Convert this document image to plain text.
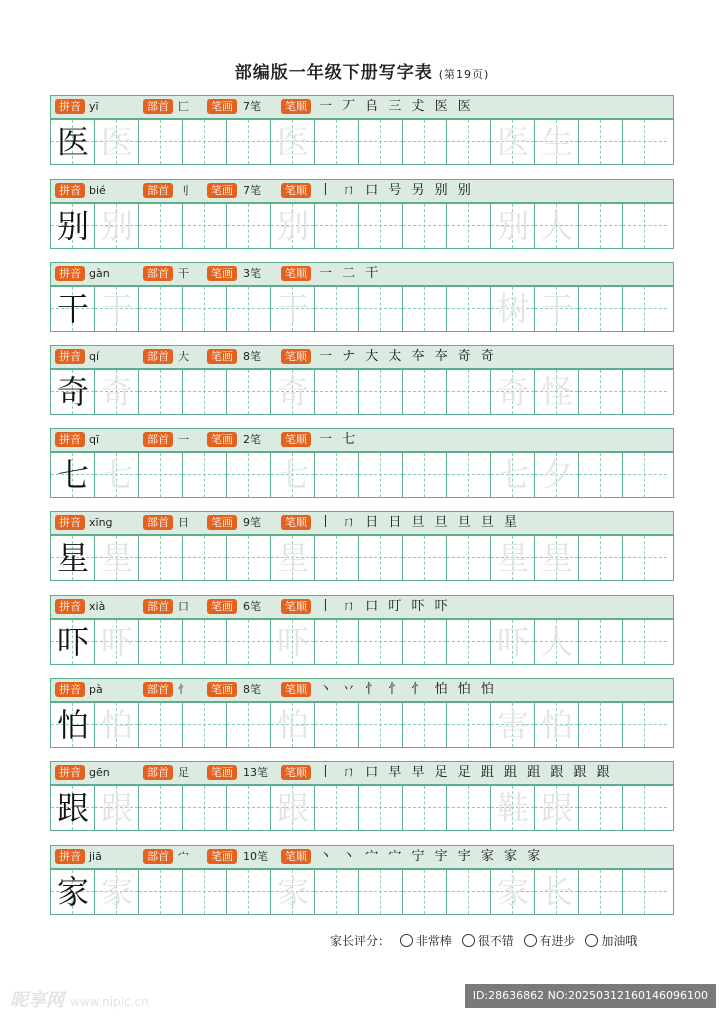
部编版一年级下册写字表 (第19页)
拼音 yī	部首 匚	笔画 7笔	笔顺 一 丆 𠂤 三 𠀋 医 医
医 医	医	医 生
拼音 bié	部首 刂	笔画 7笔	笔顺 丨 ㄇ 口 号 另 别 别
别 别	别	别 人
拼音 gàn	部首 干	笔画 3笔	笔顺 一 二 干
干 干	干	树 干
拼音 qí	部首 大	笔画 8笔	笔顺 一 ナ 大 太 夲 夲 奇 奇
奇 奇	奇	奇 怪
拼音 qī	部首 一	笔画 2笔	笔顺 一 七
七 七	七	七 夕
拼音 xīng	部首 日	笔画 9笔	笔顺 丨 ㄇ 日 日 旦 旦 旦 旦 星
星 星	星	星 星
拼音 xià	部首 口	笔画 6笔	笔顺 丨 ㄇ 口 叮 吓 吓
吓 吓	吓	吓 人
拼音 pà	部首 忄	笔画 8笔	笔顺 丶 丷 忄 忄 忄 怕 怕 怕
怕 怕	怕	害 怕
拼音 gēn	部首 足	笔画 13笔	笔顺 丨 ㄇ 口 早 早 足 足 跙 跙 跙 跟 跟 跟
跟 跟	跟	鞋 跟
拼音 jiā	部首 宀	笔画 10笔	笔顺 丶 丶 宀 宀 宁 宇 宇 家 家 家
家 家	家	家 长
家长评分： 非常棒 很不错 有进步 加油哦
昵享网 www.nipic.cn	ID:28636862 NO:20250312160146096100
